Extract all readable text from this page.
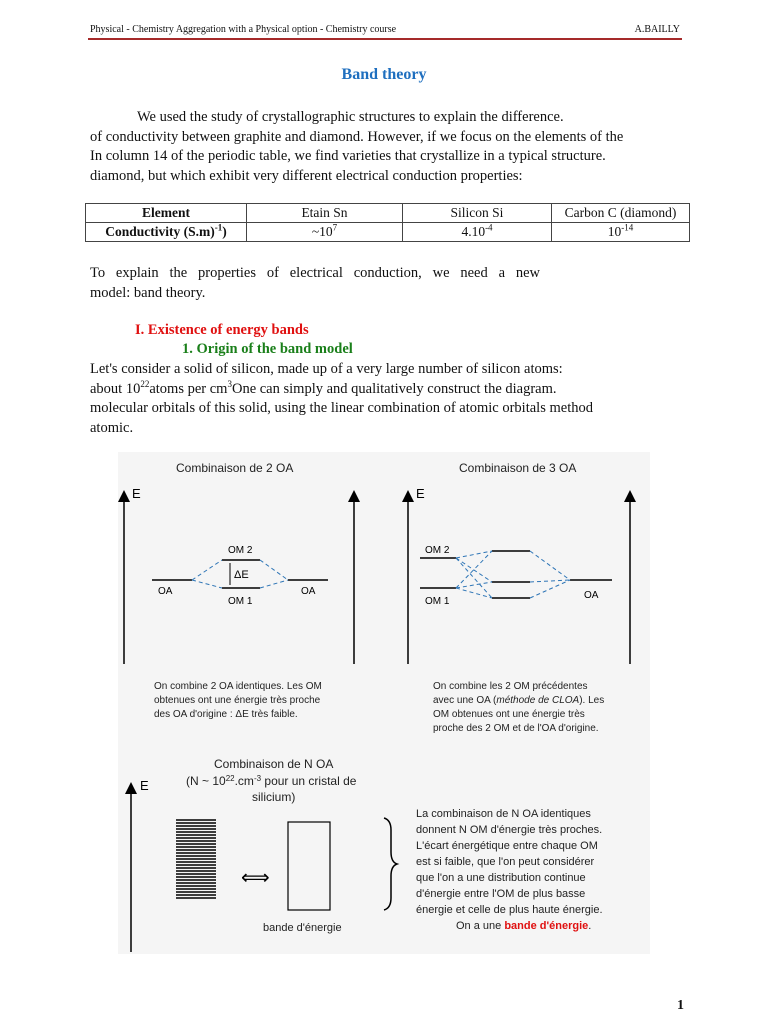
Physical - Chemistry Aggregation with a Physical option - Chemistry course	A.BAILLY
Band theory
We used the study of crystallographic structures to explain the difference.
of conductivity between graphite and diamond. However, if we focus on the elements of the
In column 14 of the periodic table, we find varieties that crystallize in a typical structure.
diamond, but which exhibit very different electrical conduction properties:
Element	Etain Sn	Silicon Si	Carbon C (diamond)
Conductivity $(S.m)^{-1}$)	$\sim 10^7$	$4.10^{-4}$	$10^{-14}$
To explain the properties of electrical conduction, we need a new
model: band theory.
I. Existence of energy bands
1. Origin of the band model
Let's consider a solid of silicon, made up of a very large number of silicon atoms:
about $10^{22}atoms$ per $cm^3One$ can simply and qualitatively construct the diagram.
molecular orbitals of this solid, using the linear combination of atomic orbitals method
atomic.
Combinaison de 2 OA
E
ΔE
OM 2
OM 1
OA	OA
On combine 2 OA identiques. Les OM obtenues ont une énergie très proche des OA d'origine : ΔE très faible.
Combinaison de 3 OA
E
OM 2
OM 1
OA
On combine les 2 OM précédentes avec une OA (méthode de CLOA). Les OM obtenues ont une énergie très proche des 2 OM et de l'OA d'origine.
Combinaison de N OA
(N ~ $10^{22}.cm^{-3}$ pour un cristal de
silicium)
E
⟺
bande d'énergie
La combinaison de N OA identiques donnent N OM d'énergie très proches. L'écart énergétique entre chaque OM est si faible, que l'on peut considérer que l'on a une distribution continue d'énergie entre l'OM de plus basse énergie et celle de plus haute énergie. On a une bande d'énergie.
1
